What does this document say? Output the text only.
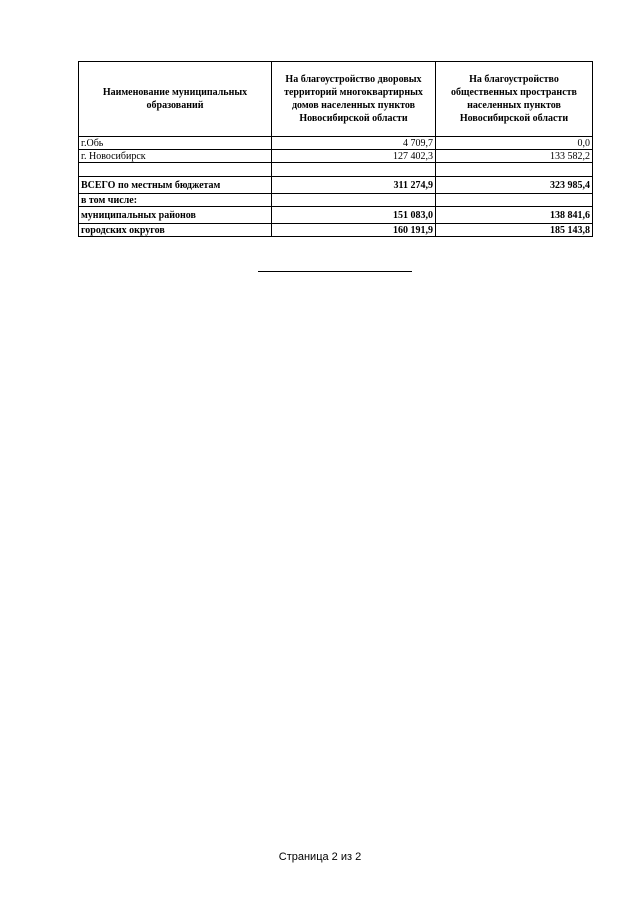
Наименование муниципальных образований	На благоустройство дворовых территорий многоквартирных домов населенных пунктов Новосибирской области	На благоустройство общественных пространств населенных пунктов Новосибирской области
г.Обь	4 709,7	0,0
г. Новосибирск	127 402,3	133 582,2

ВСЕГО по местным бюджетам	311 274,9	323 985,4
в том числе:		
муниципальных районов	151 083,0	138 841,6
городских округов	160 191,9	185 143,8
Страница 2 из 2
